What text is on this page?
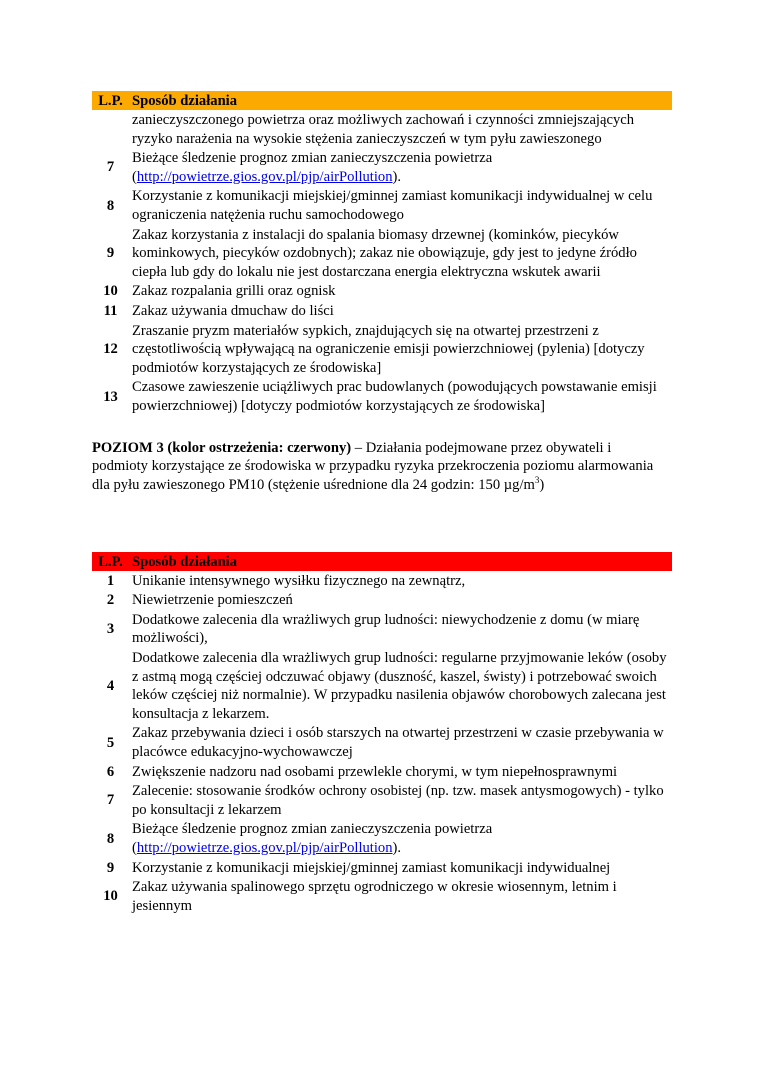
L.P.	Sposób działania
	zanieczyszczonego powietrza oraz możliwych zachowań i czynności zmniejszających ryzyko narażenia na wysokie stężenia zanieczyszczeń w tym pyłu zawieszonego
7	Bieżące śledzenie prognoz zmian zanieczyszczenia powietrza (http://powietrze.gios.gov.pl/pjp/airPollution).
8	Korzystanie z komunikacji miejskiej/gminnej zamiast komunikacji indywidualnej w celu ograniczenia natężenia ruchu samochodowego
9	Zakaz korzystania z instalacji do spalania biomasy drzewnej (kominków, piecyków kominkowych, piecyków ozdobnych); zakaz nie obowiązuje, gdy jest to jedyne źródło ciepła lub gdy do lokalu nie jest dostarczana energia elektryczna wskutek awarii
10	Zakaz rozpalania grilli oraz ognisk
11	Zakaz używania dmuchaw do liści
12	Zraszanie pryzm materiałów sypkich, znajdujących się na otwartej przestrzeni z częstotliwością wpływającą na ograniczenie emisji powierzchniowej (pylenia) [dotyczy podmiotów korzystających ze środowiska]
13	Czasowe zawieszenie uciążliwych prac budowlanych (powodujących powstawanie emisji powierzchniowej) [dotyczy podmiotów korzystających ze środowiska]
POZIOM 3 (kolor ostrzeżenia: czerwony) – Działania podejmowane przez obywateli i podmioty korzystające ze środowiska w przypadku ryzyka przekroczenia poziomu alarmowania dla pyłu zawieszonego PM10 (stężenie uśrednione dla 24 godzin: 150 $\mu g/m^3$)
L.P.	Sposób działania
1	Unikanie intensywnego wysiłku fizycznego na zewnątrz,
2	Niewietrzenie pomieszczeń
3	Dodatkowe zalecenia dla wrażliwych grup ludności: niewychodzenie z domu (w miarę możliwości),
4	Dodatkowe zalecenia dla wrażliwych grup ludności: regularne przyjmowanie leków (osoby z astmą mogą częściej odczuwać objawy (duszność, kaszel, świsty) i potrzebować swoich leków częściej niż normalnie). W przypadku nasilenia objawów chorobowych zalecana jest konsultacja z lekarzem.
5	Zakaz przebywania dzieci i osób starszych na otwartej przestrzeni w czasie przebywania w placówce edukacyjno-wychowawczej
6	Zwiększenie nadzoru nad osobami przewlekle chorymi, w tym niepełnosprawnymi
7	Zalecenie: stosowanie środków ochrony osobistej (np. tzw. masek antysmogowych) - tylko po konsultacji z lekarzem
8	Bieżące śledzenie prognoz zmian zanieczyszczenia powietrza (http://powietrze.gios.gov.pl/pjp/airPollution).
9	Korzystanie z komunikacji miejskiej/gminnej zamiast komunikacji indywidualnej
10	Zakaz używania spalinowego sprzętu ogrodniczego w okresie wiosennym, letnim i jesiennym
